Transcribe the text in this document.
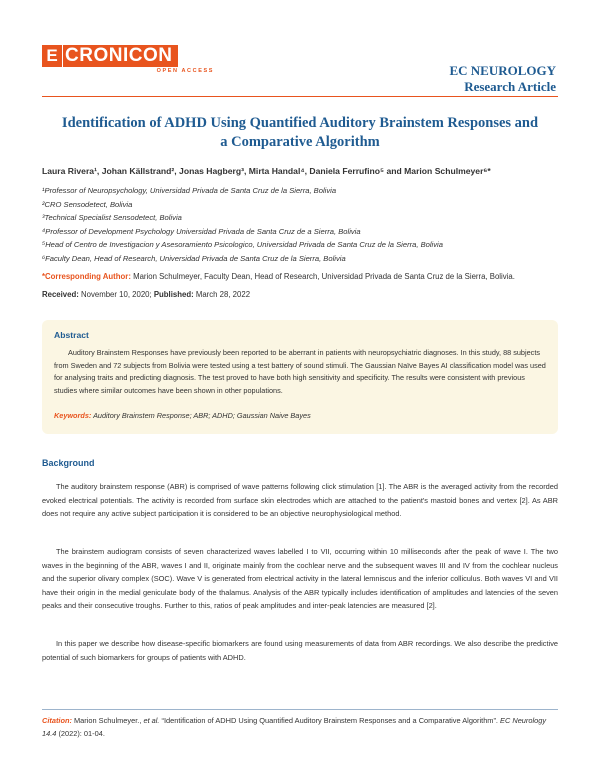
E CRONICON
OPEN ACCESS	EC NEUROLOGY
Research Article
Identification of ADHD Using Quantified Auditory Brainstem Responses and a Comparative Algorithm
Laura Rivera¹, Johan Källstrand², Jonas Hagberg³, Mirta Handal⁴, Daniela Ferrufino⁵ and Marion Schulmeyer⁶*
¹Professor of Neuropsychology, Universidad Privada de Santa Cruz de la Sierra, Bolivia
²CRO Sensodetect, Bolivia
³Technical Specialist Sensodetect, Bolivia
⁴Professor of Development Psychology Universidad Privada de Santa Cruz de a Sierra, Bolivia
⁵Head of Centro de Investigacion y Asesoramiento Psicologico, Universidad Privada de Santa Cruz de la Sierra, Bolivia
⁶Faculty Dean, Head of Research, Universidad Privada de Santa Cruz de la Sierra, Bolivia
*Corresponding Author: Marion Schulmeyer, Faculty Dean, Head of Research, Universidad Privada de Santa Cruz de la Sierra, Bolivia.
Received: November 10, 2020; Published: March 28, 2022
Abstract
Auditory Brainstem Responses have previously been reported to be aberrant in patients with neuropsychiatric diagnoses. In this study, 88 subjects from Sweden and 72 subjects from Bolivia were tested using a test battery of sound stimuli. The Gaussian Naïve Bayes AI classification model was used for analysing traits and predicting diagnosis. The test proved to have both high sensitivity and specificity. The results were consistent with previous studies where similar outcomes have been shown in other populations.
Keywords: Auditory Brainstem Response; ABR; ADHD; Gaussian Naive Bayes
Background
The auditory brainstem response (ABR) is comprised of wave patterns following click stimulation [1]. The ABR is the averaged activity from the recorded evoked electrical potentials. The activity is recorded from surface skin electrodes which are attached to the patient's mastoid bones and vertex [2]. As ABR does not require any active subject participation it is considered to be an objective neurophysiological method.
The brainstem audiogram consists of seven characterized waves labelled I to VII, occurring within 10 milliseconds after the peak of wave I. The two waves in the beginning of the ABR, waves I and II, originate mainly from the cochlear nerve and the subsequent waves III and IV from the cochlear nucleus and the superior olivary complex (SOC). Wave V is generated from electrical activity in the lateral lemniscus and the inferior colliculus. Both waves VI and VII have their origin in the medial geniculate body of the thalamus. Analysis of the ABR typically includes identification of amplitudes and latencies of the seven peaks and their consecutive troughs. Further to this, ratios of peak amplitudes and inter-peak latencies are measured [2].
In this paper we describe how disease-specific biomarkers are found using measurements of data from ABR recordings. We also describe the predictive potential of such biomarkers for groups of patients with ADHD.
Citation: Marion Schulmeyer., et al. “Identification of ADHD Using Quantified Auditory Brainstem Responses and a Comparative Algorithm”. EC Neurology 14.4 (2022): 01-04.
